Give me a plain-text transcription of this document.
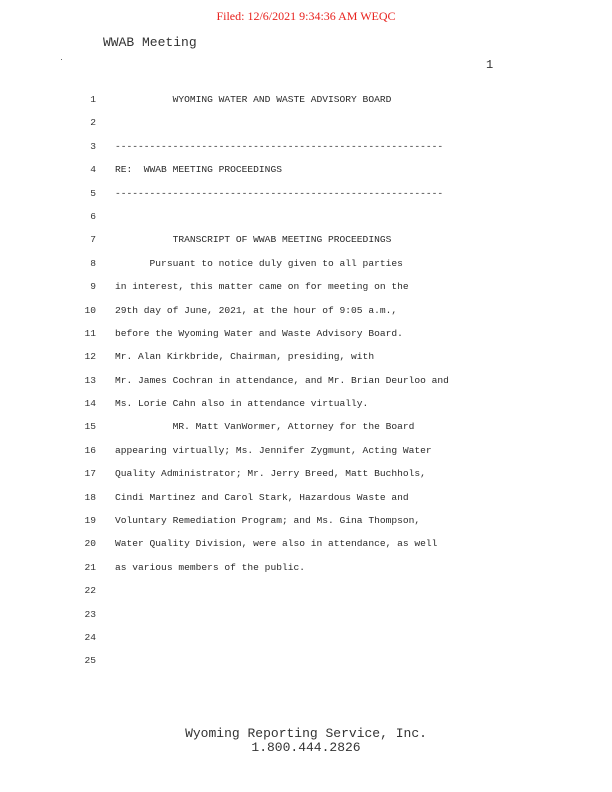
Filed: 12/6/2021 9:34:36 AM WEQC
WWAB Meeting
1
1 WYOMING WATER AND WASTE ADVISORY BOARD
2
3 ---------------------------------------------------------
4 RE:  WWAB MEETING PROCEEDINGS
5 ---------------------------------------------------------
6
7 TRANSCRIPT OF WWAB MEETING PROCEEDINGS
8 Pursuant to notice duly given to all parties
9 in interest, this matter came on for meeting on the
10 29th day of June, 2021, at the hour of 9:05 a.m.,
11 before the Wyoming Water and Waste Advisory Board.
12 Mr. Alan Kirkbride, Chairman, presiding, with
13 Mr. James Cochran in attendance, and Mr. Brian Deurloo and
14 Ms. Lorie Cahn also in attendance virtually.
15 MR. Matt VanWormer, Attorney for the Board
16 appearing virtually; Ms. Jennifer Zygmunt, Acting Water
17 Quality Administrator; Mr. Jerry Breed, Matt Buchhols,
18 Cindi Martinez and Carol Stark, Hazardous Waste and
19 Voluntary Remediation Program; and Ms. Gina Thompson,
20 Water Quality Division, were also in attendance, as well
21 as various members of the public.
22
23
24
25
Wyoming Reporting Service, Inc.
1.800.444.2826
